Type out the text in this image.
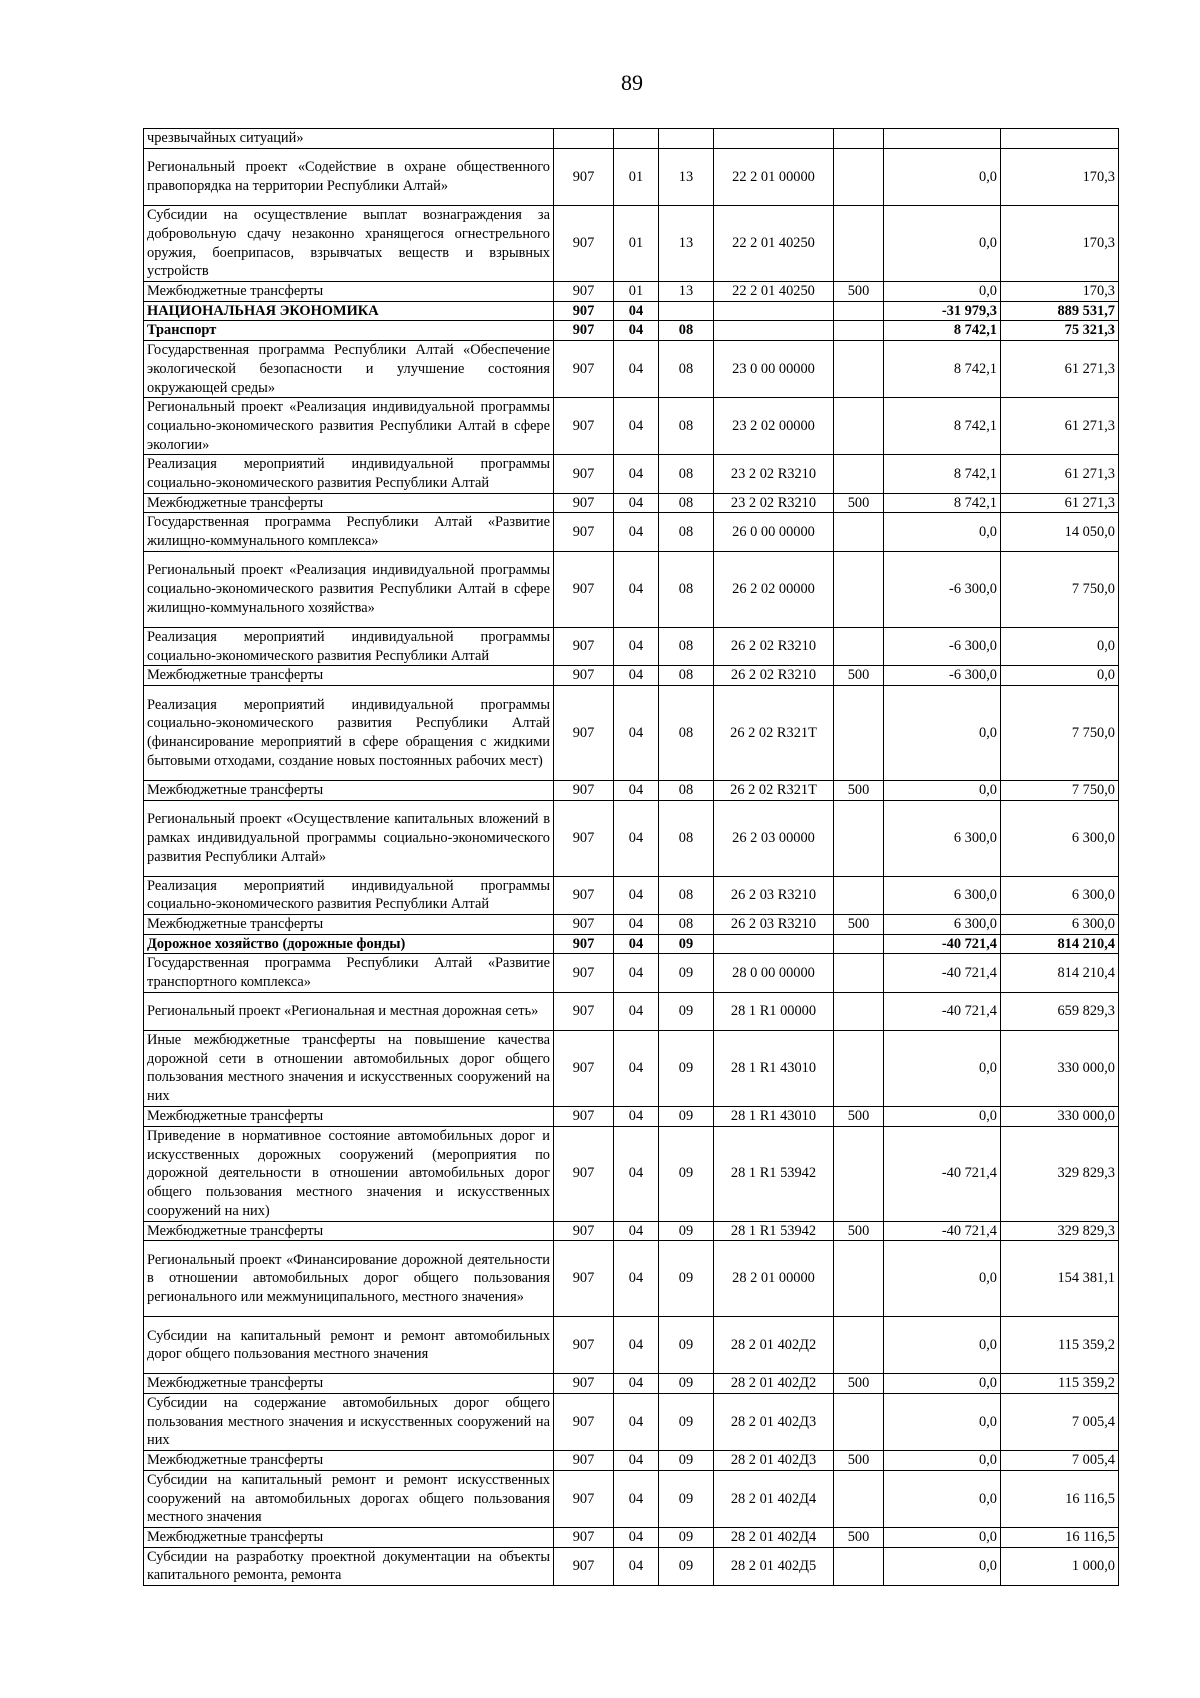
89
чрезвычайных ситуаций»							
Региональный проект «Содействие в охране общественного правопорядка на территории Республики Алтай»	907	01	13	22 2 01 00000		0,0	170,3
Субсидии на осуществление выплат вознаграждения за добровольную сдачу незаконно хранящегося огнестрельного оружия, боеприпасов, взрывчатых веществ и взрывных устройств	907	01	13	22 2 01 40250		0,0	170,3
Межбюджетные трансферты	907	01	13	22 2 01 40250	500	0,0	170,3
НАЦИОНАЛЬНАЯ ЭКОНОМИКА	907	04				-31 979,3	889 531,7
Транспорт	907	04	08			8 742,1	75 321,3
Государственная программа Республики Алтай «Обеспечение экологической безопасности и улучшение состояния окружающей среды»	907	04	08	23 0 00 00000		8 742,1	61 271,3
Региональный проект «Реализация индивидуальной программы социально-экономического развития Республики Алтай в сфере экологии»	907	04	08	23 2 02 00000		8 742,1	61 271,3
Реализация мероприятий индивидуальной программы социально-экономического развития Республики Алтай	907	04	08	23 2 02 R3210		8 742,1	61 271,3
Межбюджетные трансферты	907	04	08	23 2 02 R3210	500	8 742,1	61 271,3
Государственная программа Республики Алтай «Развитие жилищно-коммунального комплекса»	907	04	08	26 0 00 00000		0,0	14 050,0
Региональный проект «Реализация индивидуальной программы социально-экономического развития Республики Алтай в сфере жилищно-коммунального хозяйства»	907	04	08	26 2 02 00000		-6 300,0	7 750,0
Реализация мероприятий индивидуальной программы социально-экономического развития Республики Алтай	907	04	08	26 2 02 R3210		-6 300,0	0,0
Межбюджетные трансферты	907	04	08	26 2 02 R3210	500	-6 300,0	0,0
Реализация мероприятий индивидуальной программы социально-экономического развития Республики Алтай (финансирование мероприятий в сфере обращения с жидкими бытовыми отходами, создание новых постоянных рабочих мест)	907	04	08	26 2 02 R321T		0,0	7 750,0
Межбюджетные трансферты	907	04	08	26 2 02 R321T	500	0,0	7 750,0
Региональный проект «Осуществление капитальных вложений в рамках индивидуальной программы социально-экономического развития Республики Алтай»	907	04	08	26 2 03 00000		6 300,0	6 300,0
Реализация мероприятий индивидуальной программы социально-экономического развития Республики Алтай	907	04	08	26 2 03 R3210		6 300,0	6 300,0
Межбюджетные трансферты	907	04	08	26 2 03 R3210	500	6 300,0	6 300,0
Дорожное хозяйство (дорожные фонды)	907	04	09			-40 721,4	814 210,4
Государственная программа Республики Алтай «Развитие транспортного комплекса»	907	04	09	28 0 00 00000		-40 721,4	814 210,4
Региональный проект «Региональная и местная дорожная сеть»	907	04	09	28 1 R1 00000		-40 721,4	659 829,3
Иные межбюджетные трансферты на повышение качества дорожной сети в отношении автомобильных дорог общего пользования местного значения и искусственных сооружений на них	907	04	09	28 1 R1 43010		0,0	330 000,0
Межбюджетные трансферты	907	04	09	28 1 R1 43010	500	0,0	330 000,0
Приведение в нормативное состояние автомобильных дорог и искусственных дорожных сооружений (мероприятия по дорожной деятельности в отношении автомобильных дорог общего пользования местного значения и искусственных сооружений на них)	907	04	09	28 1 R1 53942		-40 721,4	329 829,3
Межбюджетные трансферты	907	04	09	28 1 R1 53942	500	-40 721,4	329 829,3
Региональный проект «Финансирование дорожной деятельности в отношении автомобильных дорог общего пользования регионального или межмуниципального, местного значения»	907	04	09	28 2 01 00000		0,0	154 381,1
Субсидии на капитальный ремонт и ремонт автомобильных дорог общего пользования местного значения	907	04	09	28 2 01 402Д2		0,0	115 359,2
Межбюджетные трансферты	907	04	09	28 2 01 402Д2	500	0,0	115 359,2
Субсидии на содержание автомобильных дорог общего пользования местного значения и искусственных сооружений на них	907	04	09	28 2 01 402Д3		0,0	7 005,4
Межбюджетные трансферты	907	04	09	28 2 01 402Д3	500	0,0	7 005,4
Субсидии на капитальный ремонт и ремонт искусственных сооружений на автомобильных дорогах общего пользования местного значения	907	04	09	28 2 01 402Д4		0,0	16 116,5
Межбюджетные трансферты	907	04	09	28 2 01 402Д4	500	0,0	16 116,5
Субсидии на разработку проектной документации на объекты капитального ремонта, ремонта	907	04	09	28 2 01 402Д5		0,0	1 000,0
